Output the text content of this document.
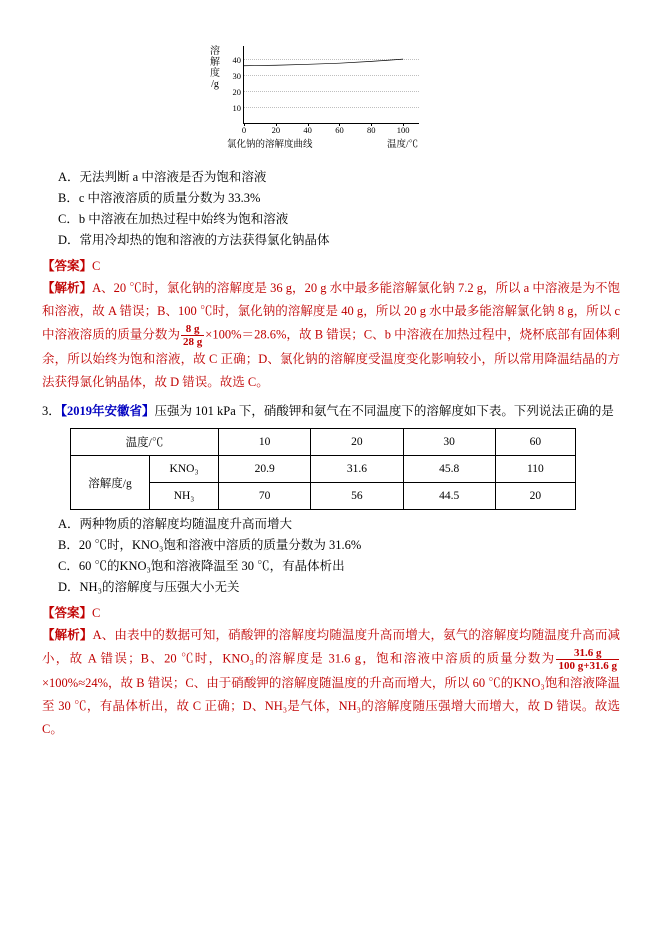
溶
解
度
/g
40
30
20
10
0	20	40	60	80 100
氯化钠的溶解度曲线	温度/℃
A．无法判断 a 中溶液是否为饱和溶液
B．c 中溶液溶质的质量分数为 33.3%
C．b 中溶液在加热过程中始终为饱和溶液
D．常用冷却热的饱和溶液的方法获得氯化钠晶体
【答案】C
【解析】A、20 ℃时，氯化钠的溶解度是 36 g，20 g 水中最多能溶解氯化钠 7.2 g，所以 a 中溶液是为不饱和溶液，故 A 错误；B、100 ℃时，氯化钠的溶解度是 40 g，所以 20 g 水中最多能溶解氯化钠 8 g，所以 c 中溶液溶质的质量分数为 $\frac{8 g}{28 g} \times 100\%=28.6\%$，故 B 错误；C、b 中溶液在加热过程中，烧杯底部有固体剩余，所以始终为饱和溶液，故 C 正确；D、氯化钠的溶解度受温度变化影响较小，所以常用降温结晶的方法获得氯化钠晶体，故 D 错误。故选 C。
3．【2019年安徽省】压强为 101 kPa 下，硝酸钾和氨气在不同温度下的溶解度如下表。下列说法正确的是
温度/℃		10	20	30	60
溶解度/g	KNO₃	20.9	31.6	45.8	110
	NH₃	70	56	44.5	20
A．两种物质的溶解度均随温度升高而增大
B．20 ℃时，KNO₃饱和溶液中溶质的质量分数为 31.6%
C．60 ℃的KNO₃饱和溶液降温至 30 ℃，有晶体析出
D．NH₃的溶解度与压强大小无关
【答案】C
【解析】A、由表中的数据可知，硝酸钾的溶解度均随温度升高而增大，氨气的溶解度均随温度升高而减小，故 A 错误；B、20 ℃时，KNO₃的溶解度是 31.6 g，饱和溶液中溶质的质量分数为 $\frac{31.6 g}{100 g+31.6 g}$
×100%≈24%，故 B 错误；C、由于硝酸钾的溶解度随温度的升高而增大，所以 60 ℃的KNO₃饱和溶液降温至 30 ℃，有晶体析出，故 C 正确；D、NH₃是气体，NH₃的溶解度随压强增大而增大，故 D 错误。故选 C。
